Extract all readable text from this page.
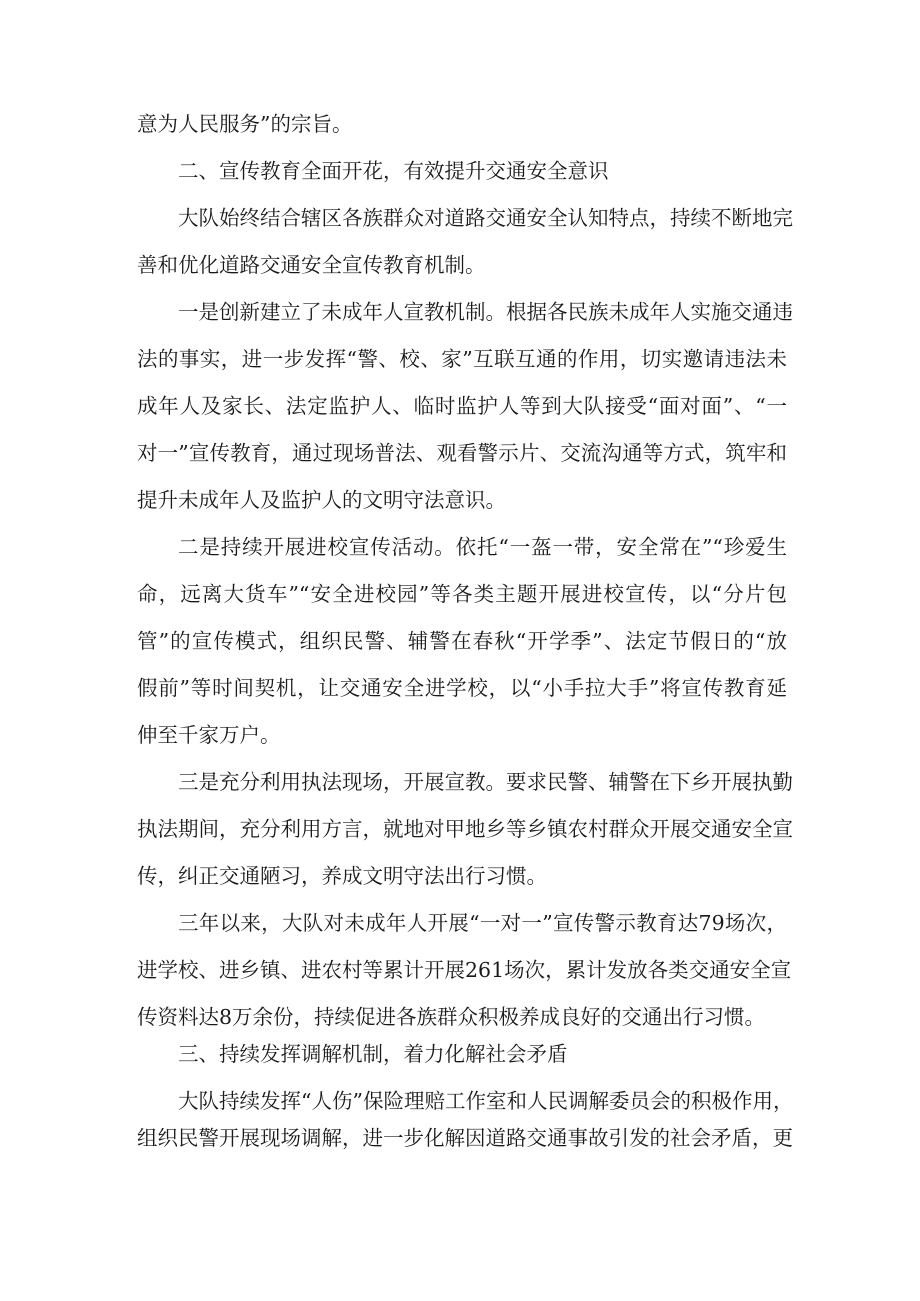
意为人民服务”的宗旨。
二、宣传教育全面开花，有效提升交通安全意识
大队始终结合辖区各族群众对道路交通安全认知特点，持续不断地完
善和优化道路交通安全宣传教育机制。
一是创新建立了未成年人宣教机制。根据各民族未成年人实施交通违
法的事实，进一步发挥“警、校、家”互联互通的作用，切实邀请违法未
成年人及家长、法定监护人、临时监护人等到大队接受“面对面”、“一
对一”宣传教育，通过现场普法、观看警示片、交流沟通等方式，筑牢和
提升未成年人及监护人的文明守法意识。
二是持续开展进校宣传活动。依托“一盔一带，安全常在”“珍爱生
命，远离大货车”“安全进校园”等各类主题开展进校宣传，以“分片包
管”的宣传模式，组织民警、辅警在春秋“开学季”、法定节假日的“放
假前”等时间契机，让交通安全进学校，以“小手拉大手”将宣传教育延
伸至千家万户。
三是充分利用执法现场，开展宣教。要求民警、辅警在下乡开展执勤
执法期间，充分利用方言，就地对甲地乡等乡镇农村群众开展交通安全宣
传，纠正交通陋习，养成文明守法出行习惯。
三年以来，大队对未成年人开展“一对一”宣传警示教育达79场次，
进学校、进乡镇、进农村等累计开展261场次，累计发放各类交通安全宣
传资料达8万余份，持续促进各族群众积极养成良好的交通出行习惯。
三、持续发挥调解机制，着力化解社会矛盾
大队持续发挥“人伤”保险理赔工作室和人民调解委员会的积极作用，
组织民警开展现场调解，进一步化解因道路交通事故引发的社会矛盾，更
